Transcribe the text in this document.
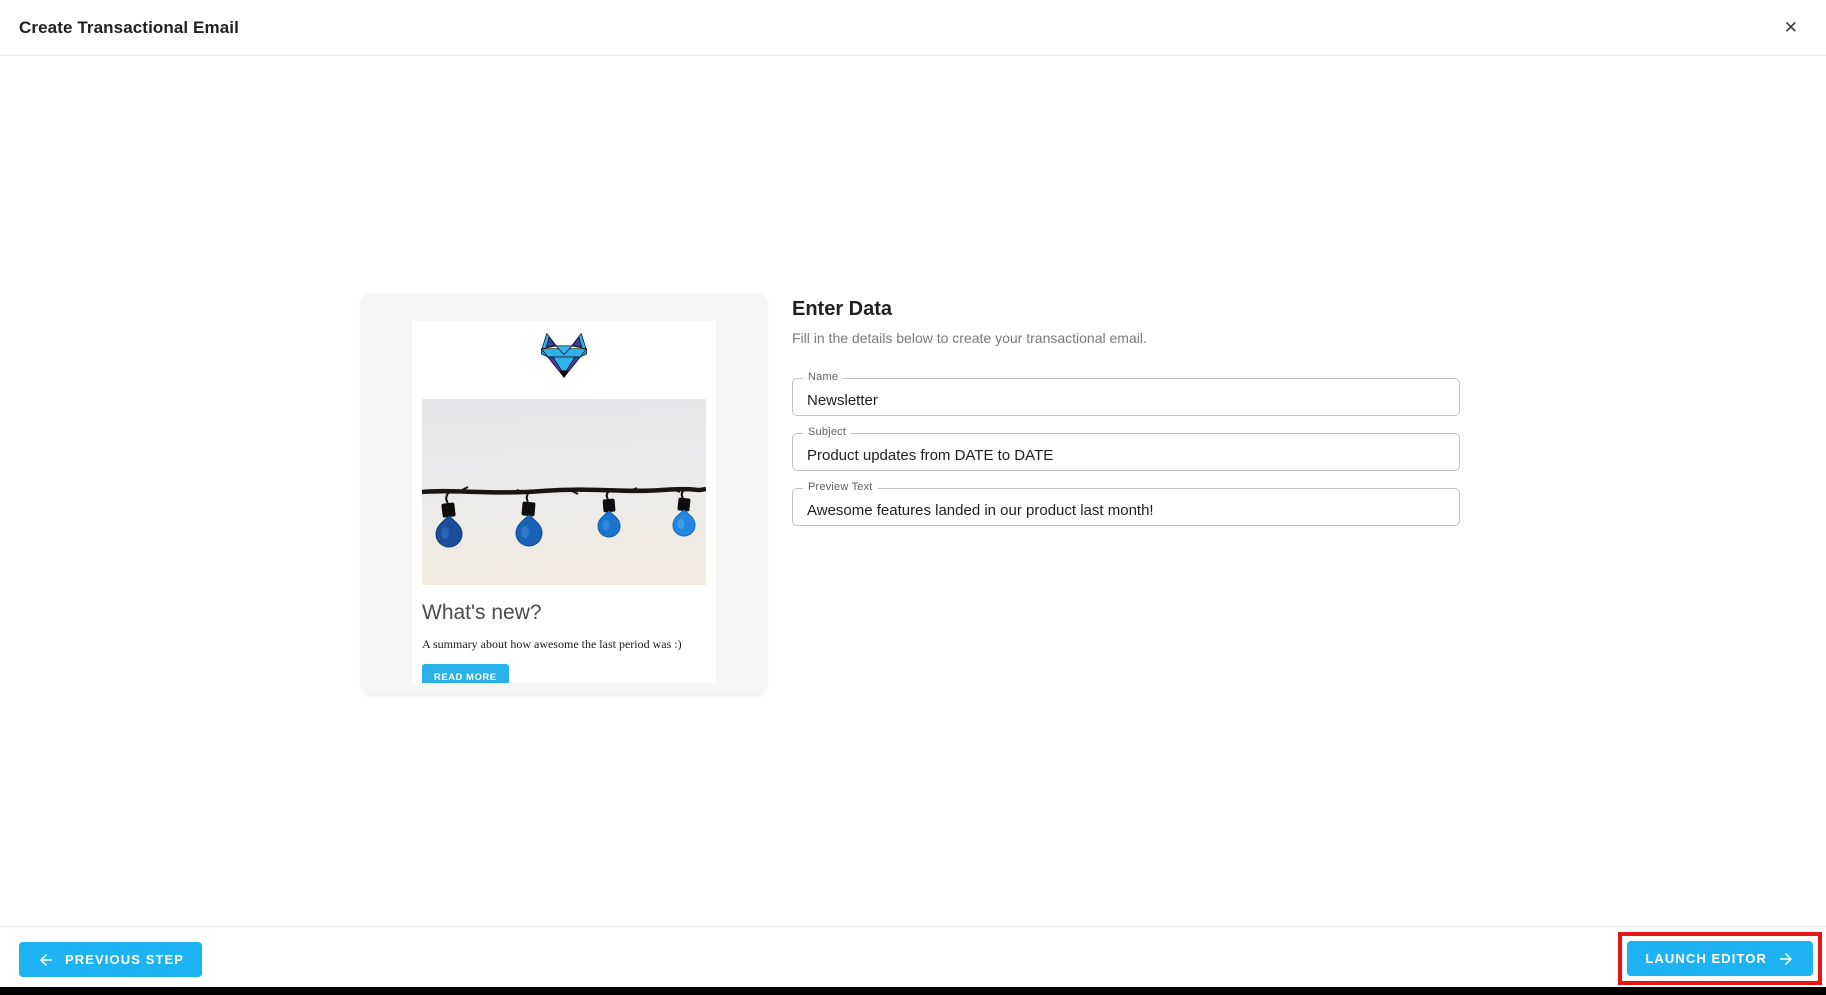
Create Transactional Email	✕
What's new?

A summary about how awesome the last period was :)

READ MORE
Enter Data

Fill in the details below to create your transactional email.

Name
Newsletter
Subject
Product updates from DATE to DATE
Preview Text
Awesome features landed in our product last month!
PREVIOUS STEP	LAUNCH EDITOR
